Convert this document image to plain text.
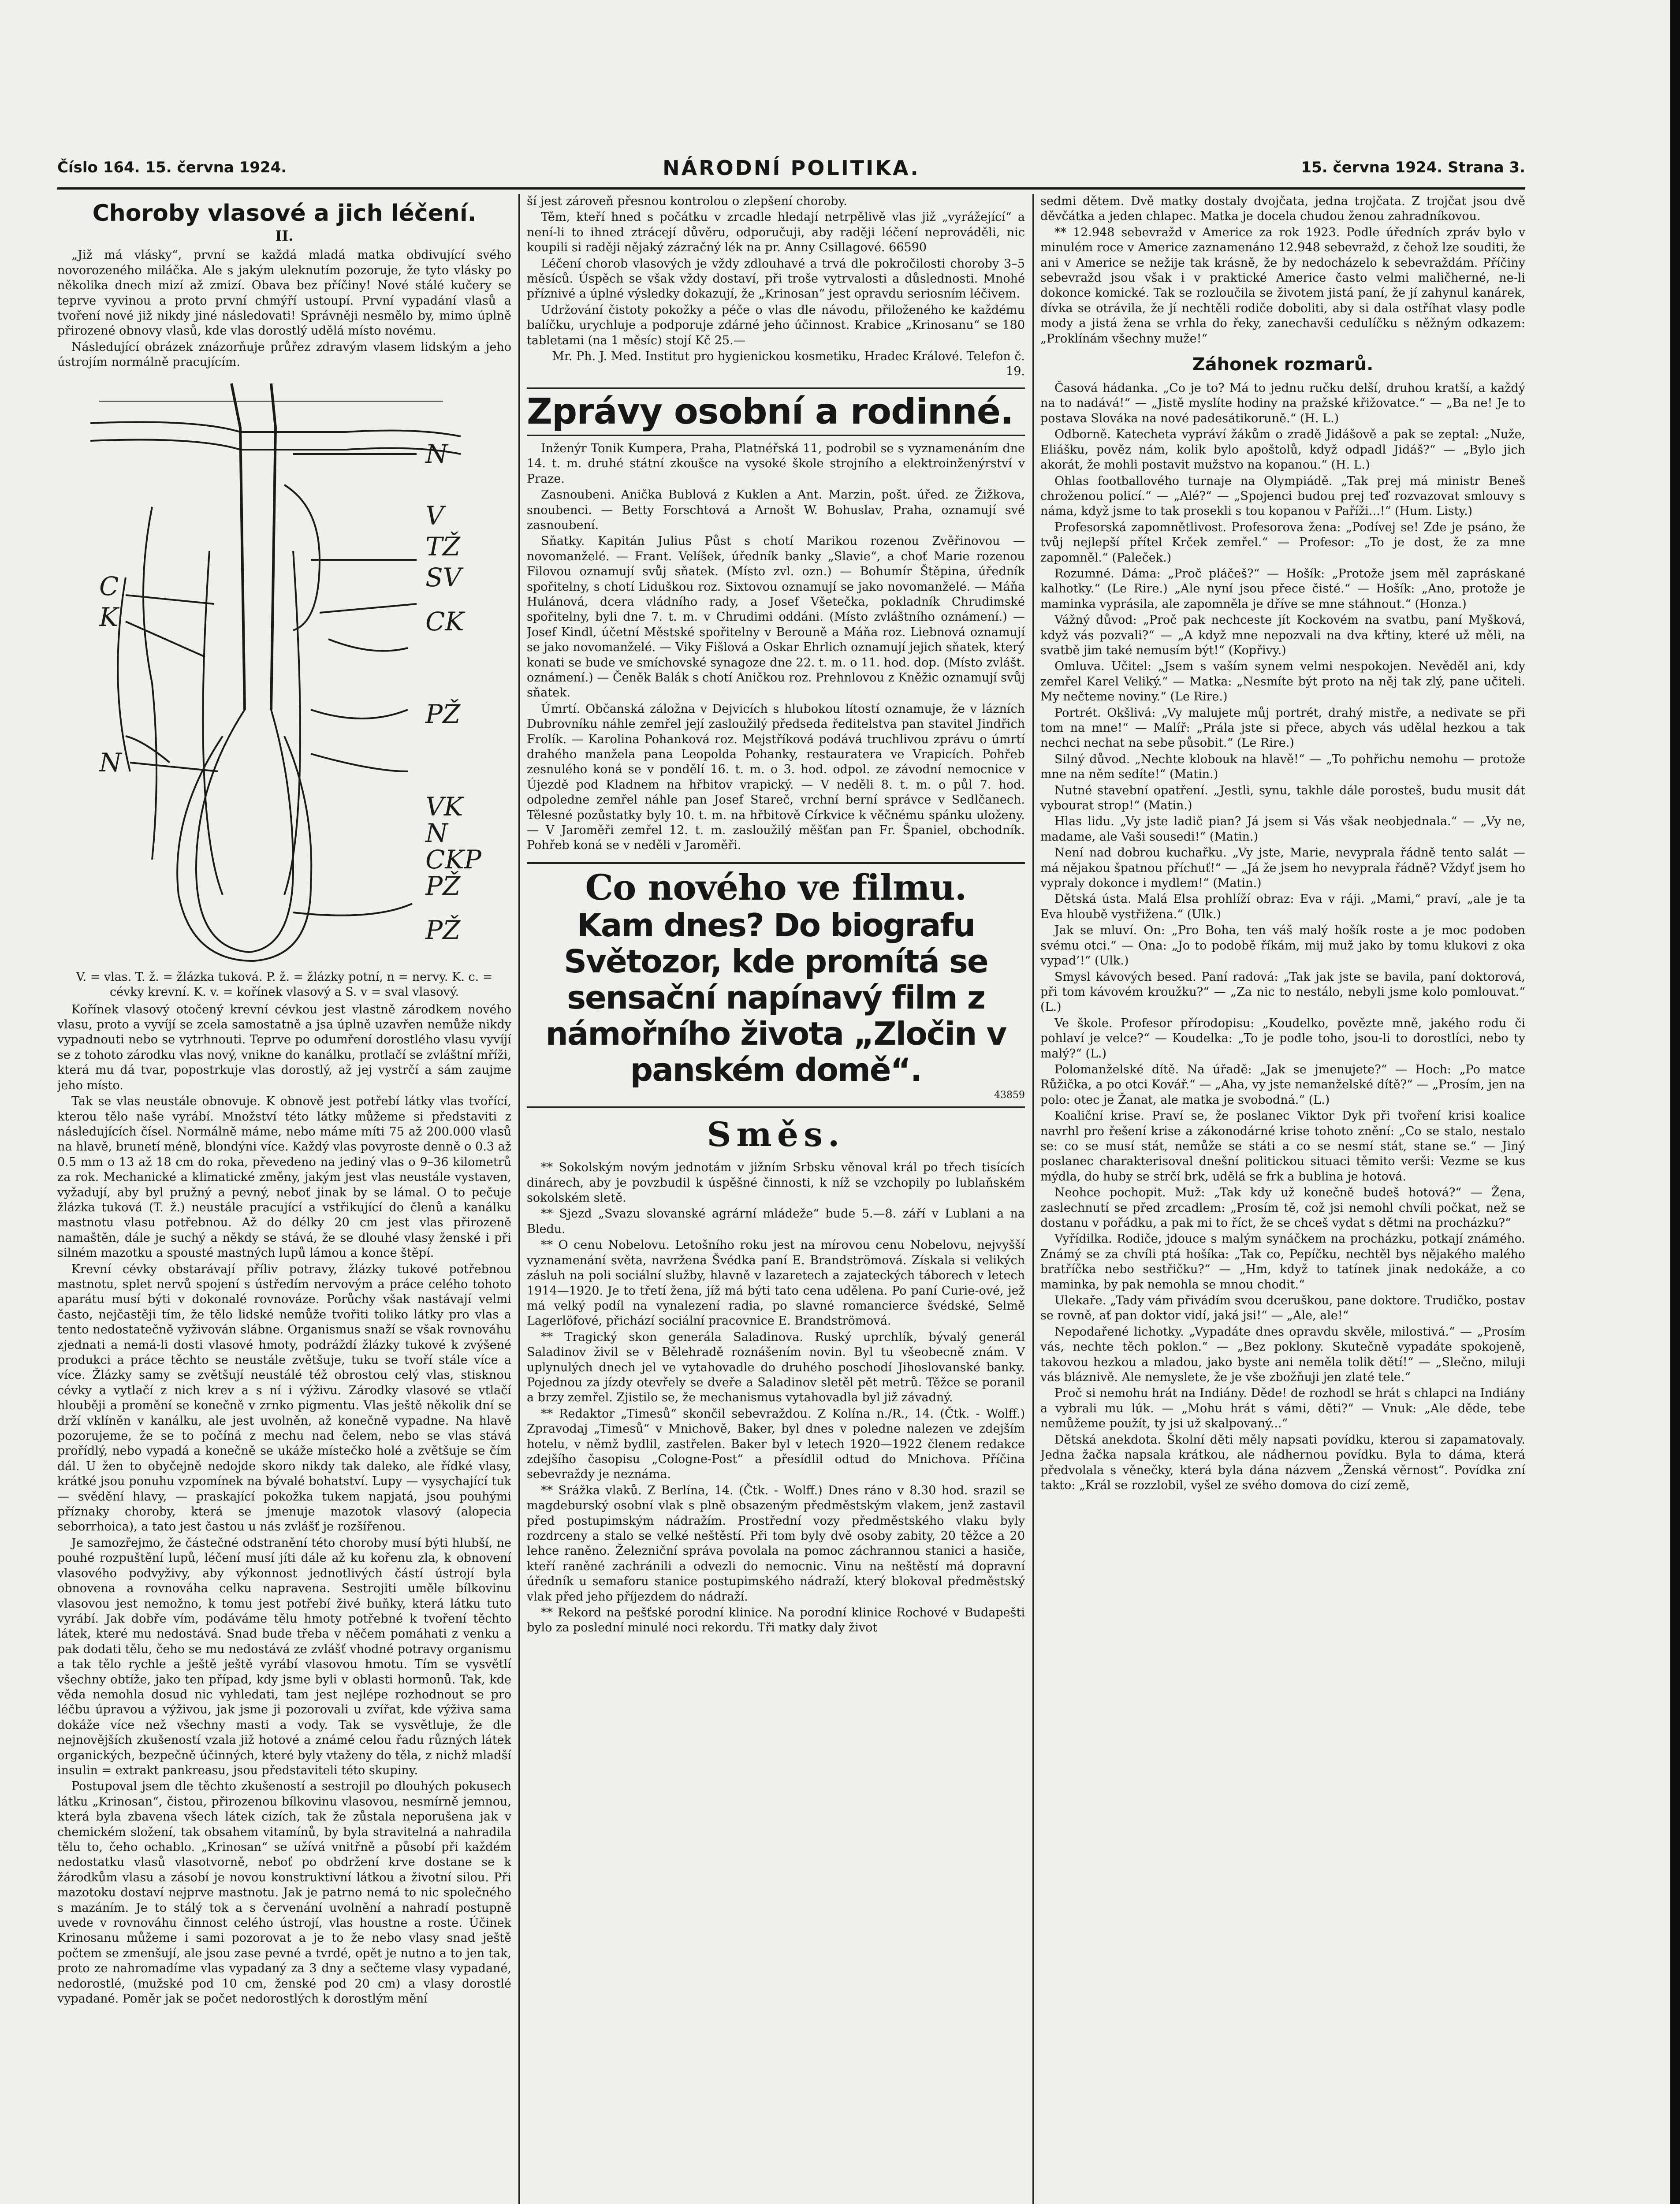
Číslo 164. 15. června 1924.	NÁRODNÍ POLITIKA.	15. června 1924. Strana 3.
Choroby vlasové a jich léčení.
II.

„Již má vlásky“, první se každá mladá matka obdivující svého novorozeného miláčka. Ale s jakým uleknutím pozoruje, že tyto vlásky po několika dnech mizí až zmizí. Obava bez příčiny! Nové stálé kučery se teprve vyvinou a proto první chmýří ustoupí. První vypadání vlasů a tvoření nové již nikdy jiné následovati! Správněji nesmělo by, mimo úplně přirozené obnovy vlasů, kde vlas dorostlý udělá místo novému.

Následující obrázek znázorňuje průřez zdravým vlasem lidským a jeho ústrojím normálně pracujícím.

N
V
TŽ
SV
CK
PŽ
VK
N
CKP
PŽ
PŽ
C
K
N
V. = vlas. T. ž. = žlázka tuková. P. ž. = žlázky potní, n = nervy. K. c. = cévky krevní. K. v. = kořínek vlasový a S. v = sval vlasový.

Kořínek vlasový otočený krevní cévkou jest vlastně zárodkem nového vlasu, proto a vyvíjí se zcela samostatně a jsa úplně uzavřen nemůže nikdy vypadnouti nebo se vytrhnouti. Teprve po odumření dorostlého vlasu vyvíjí se z tohoto zárodku vlas nový, vnikne do kanálku, protlačí se zvláštní mříži, která mu dá tvar, popostrkuje vlas dorostlý, až jej vystrčí a sám zaujme jeho místo.

Tak se vlas neustále obnovuje. K obnově jest potřebí látky vlas tvořící, kterou tělo naše vyrábí. Množství této látky můžeme si představiti z následujících čísel. Normálně máme, nebo máme míti 75 až 200.000 vlasů na hlavě, brunetí méně, blondýni více. Každý vlas povyroste denně o 0.3 až 0.5 mm o 13 až 18 cm do roka, převedeno na jediný vlas o 9–36 kilometrů za rok. Mechanické a klimatické změny, jakým jest vlas neustále vystaven, vyžadují, aby byl pružný a pevný, neboť jinak by se lámal. O to pečuje žlázka tuková (T. ž.) neustále pracující a vstřikující do členů a kanálku mastnotu vlasu potřebnou. Až do délky 20 cm jest vlas přirozeně namaštěn, dále je suchý a někdy se stává, že se dlouhé vlasy ženské i při silném mazotku a spousté mastných lupů lámou a konce štěpí.

Krevní cévky obstarávají příliv potravy, žlázky tukové potřebnou mastnotu, splet nervů spojení s ústředím nervovým a práce celého tohoto aparátu musí býti v dokonalé rovnováze. Porůchy však nastávají velmi často, nejčastěji tím, že tělo lidské nemůže tvořiti toliko látky pro vlas a tento nedostatečně vyživován slábne. Organismus snaží se však rovnováhu zjednati a nemá-li dosti vlasové hmoty, podráždí žlázky tukové k zvýšené produkci a práce těchto se neustále zvětšuje, tuku se tvoří stále více a více. Žlázky samy se zvětšují neustálé též obrostou celý vlas, stisknou cévky a vytlačí z nich krev a s ní i výživu. Zárodky vlasové se vtlačí hlouběji a promění se konečně v zrnko pigmentu. Vlas ještě několik dní se drží vklíněn v kanálku, ale jest uvolněn, až konečně vypadne. Na hlavě pozorujeme, že se to počíná z mechu nad čelem, nebo se vlas stává prořídlý, nebo vypadá a konečně se ukáže místečko holé a zvětšuje se čím dál. U žen to obyčejně nedojde skoro nikdy tak daleko, ale řídké vlasy, krátké jsou ponuhu vzpomínek na bývalé bohatství. Lupy — vysychající tuk — svědění hlavy, — praskající pokožka tukem napjatá, jsou pouhými příznaky choroby, která se jmenuje mazotok vlasový (alopecia seborrhoica), a tato jest častou u nás zvlášť je rozšířenou.

Je samozřejmo, že částečné odstranění této choroby musí býti hlubší, ne pouhé rozpuštění lupů, léčení musí jíti dále až ku kořenu zla, k obnovení vlasového podvyživy, aby výkonnost jednotlivých částí ústrojí byla obnovena a rovnováha celku napravena. Sestrojiti uměle bílkovinu vlasovou jest nemožno, k tomu jest potřebí živé buňky, která látku tuto vyrábí. Jak dobře vím, podáváme tělu hmoty potřebné k tvoření těchto látek, které mu nedostává. Snad bude třeba v něčem pomáhati z venku a pak dodati tělu, čeho se mu nedostává ze zvlášť vhodné potravy organismu a tak tělo rychle a ještě ještě vyrábí vlasovou hmotu. Tím se vysvětlí všechny obtíže, jako ten případ, kdy jsme byli v oblasti hormonů. Tak, kde věda nemohla dosud nic vyhledati, tam jest nejlépe rozhodnout se pro léčbu úpravou a výživou, jak jsme ji pozorovali u zvířat, kde výživa sama dokáže více než všechny masti a vody. Tak se vysvětluje, že dle nejnovějších zkušeností vzala již hotové a známé celou řadu různých látek organických, bezpečně účinných, které byly vtaženy do těla, z nichž mladší insulin = extrakt pankreasu, jsou představiteli této skupiny.

Postupoval jsem dle těchto zkušeností a sestrojil po dlouhých pokusech látku „Krinosan“, čistou, přirozenou bílkovinu vlasovou, nesmírně jemnou, která byla zbavena všech látek cizích, tak že zůstala neporušena jak v chemickém složení, tak obsahem vitamínů, by byla stravitelná a nahradila tělu to, čeho ochablo. „Krinosan“ se užívá vnitřně a působí při každém nedostatku vlasů vlasotvorně, neboť po obdržení krve dostane se k žárodkům vlasu a zásobí je novou konstruktivní látkou a životní silou. Při mazotoku dostaví nejprve mastnotu. Jak je patrno nemá to nic společného s mazáním. Je to stálý tok a s červenání uvolnění a nahradí postupně uvede v rovnováhu činnost celého ústrojí, vlas houstne a roste. Účinek Krinosanu můžeme i sami pozorovat a je to že nebo vlasy snad ještě počtem se zmenšují, ale jsou zase pevné a tvrdé, opět je nutno a to jen tak, proto ze nahromadíme vlas vypadaný za 3 dny a sečteme vlasy vypadané, nedorostlé, (mužské pod 10 cm, ženské pod 20 cm) a vlasy dorostlé vypadané. Poměr jak se počet nedorostlých k dorostlým mění

ší jest zároveň přesnou kontrolou o zlepšení choroby.

Těm, kteří hned s počátku v zrcadle hledají netrpělivě vlas již „vyrážející“ a není-li to ihned ztrácejí důvěru, odporučuji, aby raději léčení neprováděli, nic koupili si raději nějaký zázračný lék na pr. Anny Csillagové. 66590

Léčení chorob vlasových je vždy zdlouhavé a trvá dle pokročilosti choroby 3–5 měsíců. Úspěch se však vždy dostaví, při troše vytrvalosti a důslednosti. Mnohé příznivé a úplné výsledky dokazují, že „Krinosan“ jest opravdu seriosním léčivem.

Udržování čistoty pokožky a péče o vlas dle návodu, přiloženého ke každému balíčku, urychluje a podporuje zdárné jeho účinnost. Krabice „Krinosanu“ se 180 tabletami (na 1 měsíc) stojí Kč 25.—

Mr. Ph. J. Med. Institut pro hygienickou kosmetiku, Hradec Králové. Telefon č. 19.

Zprávy osobní a rodinné.

Inženýr Tonik Kumpera, Praha, Platnéřská 11, podrobil se s vyznamenáním dne 14. t. m. druhé státní zkoušce na vysoké škole strojního a elektroinženýrství v Praze.

Zasnoubeni. Anička Bublová z Kuklen a Ant. Marzin, pošt. úřed. ze Žižkova, snoubenci. — Betty Forschtová a Arnošt W. Bohuslav, Praha, oznamují své zasnoubení.

Sňatky. Kapitán Julius Půst s chotí Marikou rozenou Zvěřinovou — novomanželé. — Frant. Velíšek, úředník banky „Slavie“, a choť Marie rozenou Filovou oznamují svůj sňatek. (Místo zvl. ozn.) — Bohumír Štěpina, úředník spořitelny, s chotí Liduškou roz. Sixtovou oznamují se jako novomanželé. — Máňa Hulánová, dcera vládního rady, a Josef Všetečka, pokladník Chrudimské spořitelny, byli dne 7. t. m. v Chrudimi oddáni. (Místo zvláštního oznámení.) — Josef Kindl, účetní Městské spořitelny v Berouně a Máňa roz. Liebnová oznamují se jako novomanželé. — Viky Fišlová a Oskar Ehrlich oznamují jejich sňatek, který konati se bude ve smíchovské synagoze dne 22. t. m. o 11. hod. dop. (Místo zvlášt. oznámení.) — Čeněk Balák s chotí Aničkou roz. Prehnlovou z Kněžic oznamují svůj sňatek.

Úmrtí. Občanská záložna v Dejvicích s hlubokou lítostí oznamuje, že v lázních Dubrovníku náhle zemřel její zasloužilý předseda ředitelstva pan stavitel Jindřich Frolík. — Karolina Pohanková roz. Mejstříková podává truchlivou zprávu o úmrtí drahého manžela pana Leopolda Pohanky, restauratera ve Vrapicích. Pohřeb zesnulého koná se v pondělí 16. t. m. o 3. hod. odpol. ze závodní nemocnice v Újezdě pod Kladnem na hřbitov vrapický. — V neděli 8. t. m. o půl 7. hod. odpoledne zemřel náhle pan Josef Stareč, vrchní berní správce v Sedlčanech. Tělesné pozůstatky byly 10. t. m. na hřbitově Církvice k věčnému spánku uloženy. — V Jaroměři zemřel 12. t. m. zasloužilý měšťan pan Fr. Španiel, obchodník. Pohřeb koná se v neděli v Jaroměři.

Co nového ve filmu.
Kam dnes? Do biografu Světozor, kde promítá se sensační napínavý film z námořního života „Zločin v panském domě“.
43859
Směs.

** Sokolským novým jednotám v jižním Srbsku věnoval král po třech tisících dinárech, aby je povzbudil k úspěšné činnosti, k níž se vzchopily po lublaňském sokolském sletě.

** Sjezd „Svazu slovanské agrární mládeže“ bude 5.—8. září v Lublani a na Bledu.

** O cenu Nobelovu. Letošního roku jest na mírovou cenu Nobelovu, nejvyšší vyznamenání světa, navržena Švédka paní E. Brandströmová. Získala si velikých zásluh na poli sociální služby, hlavně v lazaretech a zajateckých táborech v letech 1914—1920. Je to třetí žena, jíž má býti tato cena udělena. Po paní Curie-ové, jež má velký podíl na vynalezení radia, po slavné romancierce švédské, Selmě Lagerlöfové, přichází sociální pracovnice E. Brandströmová.

** Tragický skon generála Saladinova. Ruský uprchlík, bývalý generál Saladinov živil se v Bělehradě roznášením novin. Byl tu všeobecně znám. V uplynulých dnech jel ve vytahovadle do druhého poschodí Jihoslovanské banky. Pojednou za jízdy otevřely se dveře a Saladinov sletěl pět metrů. Těžce se poranil a brzy zemřel. Zjistilo se, že mechanismus vytahovadla byl již závadný.

** Redaktor „Timesů“ skončil sebevraždou. Z Kolína n./R., 14. (Čtk. - Wolff.) Zpravodaj „Timesů“ v Mnichově, Baker, byl dnes v poledne nalezen ve zdejším hotelu, v němž bydlil, zastřelen. Baker byl v letech 1920—1922 členem redakce zdejšího časopisu „Cologne-Post“ a přesídlil odtud do Mnichova. Příčina sebevraždy je neznáma.

** Srážka vlaků. Z Berlína, 14. (Čtk. - Wolff.) Dnes ráno v 8.30 hod. srazil se magdeburský osobní vlak s plně obsazeným předměstským vlakem, jenž zastavil před postupimským nádražím. Prostřední vozy předměstského vlaku byly rozdrceny a stalo se velké neštěstí. Při tom byly dvě osoby zabity, 20 těžce a 20 lehce raněno. Železniční správa povolala na pomoc záchrannou stanici a hasiče, kteří raněné zachránili a odvezli do nemocnic. Vinu na neštěstí má dopravní úředník u semaforu stanice postupimského nádraží, který blokoval předměstský vlak před jeho příjezdem do nádraží.

** Rekord na pešťské porodní klinice. Na porodní klinice Rochové v Budapešti bylo za poslední minulé noci rekordu. Tři matky daly život

sedmi dětem. Dvě matky dostaly dvojčata, jedna trojčata. Z trojčat jsou dvě děvčátka a jeden chlapec. Matka je docela chudou ženou zahradníkovou.

** 12.948 sebevražd v Americe za rok 1923. Podle úředních zpráv bylo v minulém roce v Americe zaznamenáno 12.948 sebevražd, z čehož lze souditi, že ani v Americe se nežije tak krásně, že by nedocházelo k sebevraždám. Příčiny sebevražd jsou však i v praktické Americe často velmi maličherné, ne-li dokonce komické. Tak se rozloučila se životem jistá paní, že jí zahynul kanárek, dívka se otrávila, že jí nechtěli rodiče doboliti, aby si dala ostříhat vlasy podle mody a jistá žena se vrhla do řeky, zanechavši cedulíčku s něžným odkazem: „Proklínám všechny muže!“

Záhonek rozmarů.

Časová hádanka. „Co je to? Má to jednu ručku delší, druhou kratší, a každý na to nadává!“ — „Jistě myslíte hodiny na pražské křižovatce.“ — „Ba ne! Je to postava Slováka na nové padesátikoruně.“ (H. L.)

Odborně. Katecheta vypráví žákům o zradě Jidášově a pak se zeptal: „Nuže, Eliášku, pověz nám, kolik bylo apoštolů, když odpadl Jidáš?“ — „Bylo jich akorát, že mohli postavit mužstvo na kopanou.“ (H. L.)

Ohlas footballového turnaje na Olympiádě. „Tak prej má ministr Beneš chroženou policí.“ — „Alé?“ — „Spojenci budou prej teď rozvazovat smlouvy s náma, když jsme to tak prosekli s tou kopanou v Paříži...!“ (Hum. Listy.)

Profesorská zapomnětlivost. Profesorova žena: „Podívej se! Zde je psáno, že tvůj nejlepší přítel Krček zemřel.“ — Profesor: „To je dost, že za mne zapomněl.“ (Paleček.)

Rozumné. Dáma: „Proč pláčeš?“ — Hošík: „Protože jsem měl zapráskané kalhotky.“ (Le Rire.) „Ale nyní jsou přece čisté.“ — Hošík: „Ano, protože je maminka vyprásila, ale zapomněla je dříve se mne stáhnout.“ (Honza.)

Vážný důvod: „Proč pak nechceste jít Kockovém na svatbu, paní Myšková, když vás pozvali?“ — „A když mne nepozvali na dva křtiny, které už měli, na svatbě jim také nemusím být!“ (Kopřivy.)

Omluva. Učitel: „Jsem s vaším synem velmi nespokojen. Nevěděl ani, kdy zemřel Karel Veliký.“ — Matka: „Nesmíte být proto na něj tak zlý, pane učiteli. My nečteme noviny.“ (Le Rire.)

Portrét. Okšlivá: „Vy malujete můj portrét, drahý mistře, a nedivate se při tom na mne!“ — Malíř: „Prála jste si přece, abych vás udělal hezkou a tak nechci nechat na sebe působit.“ (Le Rire.)

Silný důvod. „Nechte klobouk na hlavě!“ — „To pohřichu nemohu — protože mne na něm sedíte!“ (Matin.)

Nutné stavební opatření. „Jestli, synu, takhle dále porosteš, budu musit dát vybourat strop!“ (Matin.)

Hlas lidu. „Vy jste ladič pian? Já jsem si Vás však neobjednala.“ — „Vy ne, madame, ale Vaši sousedi!“ (Matin.)

Není nad dobrou kuchařku. „Vy jste, Marie, nevyprala řádně tento salát — má nějakou špatnou příchuť!“ — „Já že jsem ho nevyprala řádně? Vždyť jsem ho vypraly dokonce i mydlem!“ (Matin.)

Dětská ústa. Malá Elsa prohlíží obraz: Eva v ráji. „Mami,“ praví, „ale je ta Eva hloubě vystřižena.“ (Ulk.)

Jak se mluví. On: „Pro Boha, ten váš malý hošík roste a je moc podoben svému otci.“ — Ona: „Jo to podobě říkám, mij muž jako by tomu klukovi z oka vypad’!“ (Ulk.)

Smysl kávových besed. Paní radová: „Tak jak jste se bavila, paní doktorová, při tom kávovém kroužku?“ — „Za nic to nestálo, nebyli jsme kolo pomlouvat.“ (L.)

Ve škole. Profesor přírodopisu: „Koudelko, povězte mně, jakého rodu či pohlaví je velce?“ — Koudelka: „To je podle toho, jsou-li to dorostlíci, nebo ty malý?“ (L.)

Polomanželské dítě. Na úřadě: „Jak se jmenujete?“ — Hoch: „Po matce Růžička, a po otci Kovář.“ — „Aha, vy jste nemanželské dítě?“ — „Prosím, jen na polo: otec je Žanat, ale matka je svobodná.“ (L.)

Koaliční krise. Praví se, že poslanec Viktor Dyk při tvoření krisi koalice navrhl pro řešení krise a zákonodárné krise tohoto znění: „Co se stalo, nestalo se: co se musí stát, nemůže se státi a co se nesmí stát, stane se.“ — Jiný poslanec charakterisoval dnešní politickou situaci těmito verši: Vezme se kus mýdla, do huby se strčí brk, udělá se frk a bublina je hotová.

Neohce pochopit. Muž: „Tak kdy už konečně budeš hotová?“ — Žena, zaslechnutí se před zrcadlem: „Prosím tě, což jsi nemohl chvíli počkat, než se dostanu v pořádku, a pak mi to říct, že se chceš vydat s dětmi na procházku?“

Vyřídilka. Rodiče, jdouce s malým synáčkem na procházku, potkají známého. Známý se za chvíli ptá hošíka: „Tak co, Pepíčku, nechtěl bys nějakého malého bratříčka nebo sestřičku?“ — „Hm, když to tatínek jinak nedokáže, a co maminka, by pak nemohla se mnou chodit.“

Ulekaře. „Tady vám přivádím svou dceruškou, pane doktore. Trudičko, postav se rovně, ať pan doktor vidí, jaká jsi!“ — „Ale, ale!“

Nepodařené lichotky. „Vypadáte dnes opravdu skvěle, milostivá.“ — „Prosím vás, nechte těch poklon.“ — „Bez poklony. Skutečně vypadáte spokojeně, takovou hezkou a mladou, jako byste ani neměla tolik dětí!“ — „Slečno, miluji vás bláznivě. Ale nemyslete, že je vše zbožňuji jen zlaté tele.“

Proč si nemohu hrát na Indiány. Děde! de rozhodl se hrát s chlapci na Indiány a vybrali mu lúk. — „Mohu hrát s vámi, děti?“ — Vnuk: „Ale děde, tebe nemůžeme použít, ty jsi už skalpovaný...“

Dětská anekdota. Školní děti měly napsati povídku, kterou si zapamatovaly. Jedna žačka napsala krátkou, ale nádhernou povídku. Byla to dáma, která předvolala s věnečky, která byla dána názvem „Ženská věrnost“. Povídka zní takto: „Král se rozzlobil, vyšel ze svého domova do cizí země,
